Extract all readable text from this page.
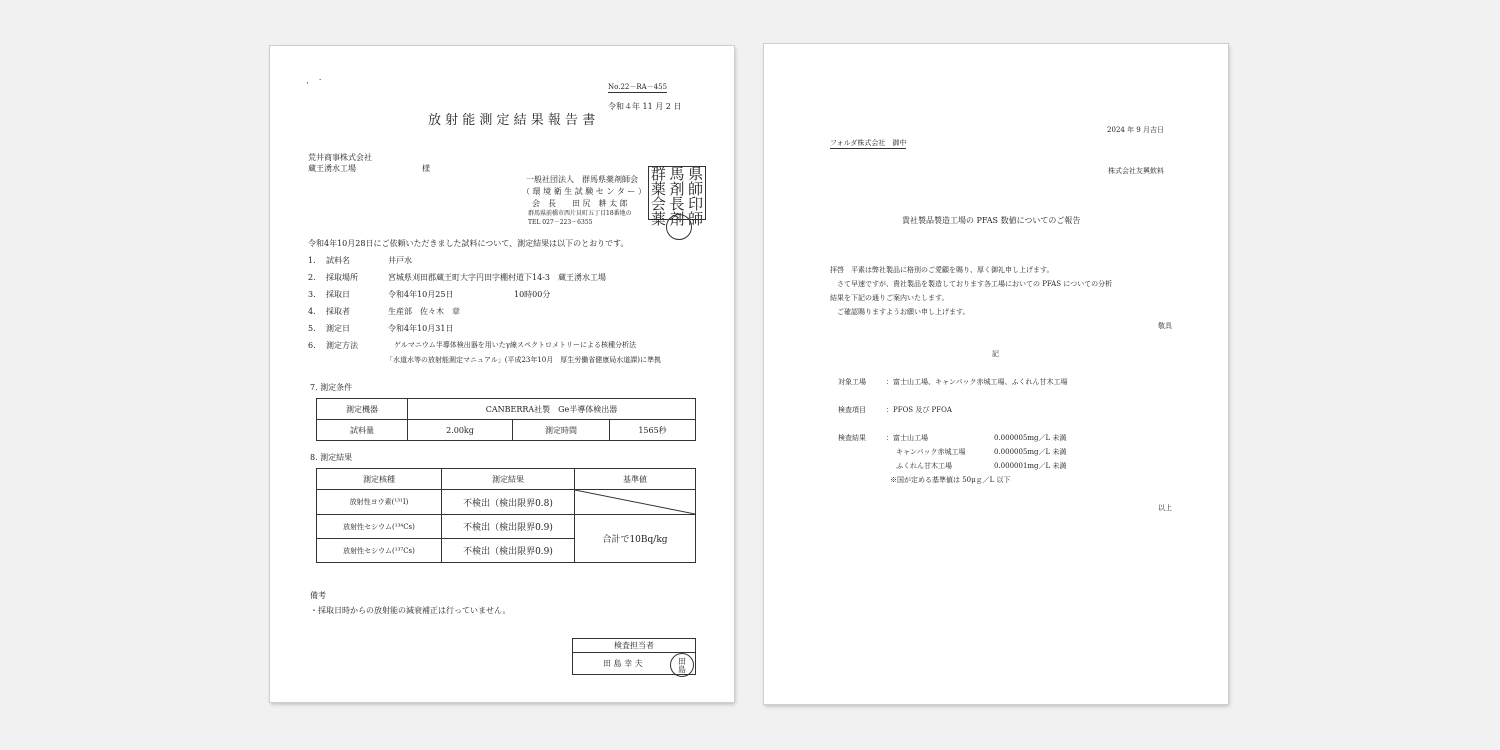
·　˙	No.22－RA－455
令和４年 11 月 2 日
放 射 能 測 定 結 果 報 告 書
荒井商事株式会社
蔵王湧水工場	様
一般社団法人　群馬県薬剤師会
（ 環 境 衛 生 試 験 セ ン タ ー ）
会　長　　田 尻　耕 太 郎
群馬県前橋市西片貝町五丁目18番地の
TEL 027－223－6355
群 馬 県
薬 剤 師
会 長 印
薬 剤 師
令和4年10月28日にご依頼いただきました試料について、測定結果は以下のとおりです。
1. 試料名	井戸水
2. 採取場所	宮城県刈田郡蔵王町大字円田字棚村道下14-3　蔵王湧水工場
3. 採取日	令和4年10月25日	10時00分
4. 採取者	生産部　佐々木　章
5. 測定日	令和4年10月31日
6. 測定方法	ゲルマニウム半導体検出器を用いたγ線スペクトロメトリーによる核種分析法
「水道水等の放射能測定マニュアル」(平成23年10月　厚生労働省健康局水道課)に準拠
7. 測定条件
測定機器	CANBERRA社製　Ge半導体検出器		
試料量	2.00kg	測定時間	1565秒
8. 測定結果
測定核種	測定結果	基準値
放射性ヨウ素(¹³¹I)	不検出（検出限界0.8)	

放射性セシウム(¹³⁴Cs)	不検出（検出限界0.9)	合計で10Bq/kg
放射性セシウム(¹³⁷Cs)	不検出（検出限界0.9)	
備考
・採取日時からの放射能の減衰補正は行っていません。
検査担当者
田 島 幸 夫	田島
2024 年 9 月吉日
フォルダ株式会社　御中
株式会社友興飲料
貴社製品製造工場の PFAS 数値についてのご報告
拝啓　平素は弊社製品に格別のご愛顧を賜り、厚く御礼申し上げます。
　さて早速ですが、貴社製品を製造しております各工場においての PFAS についての分析
結果を下記の通りご案内いたします。
　ご確認賜りますようお願い申し上げます。
敬具
記
対象工場	：富士山工場、キャンパック赤城工場、ふくれん甘木工場
検査項目	：PFOS 及び PFOA
検査結果	：富士山工場	0.000005mg／L 未満
キャンパック赤城工場	0.000005mg／L 未満
ふくれん甘木工場	0.000001mg／L 未満
※国が定める基準値は 50μｇ／L 以下
以上
